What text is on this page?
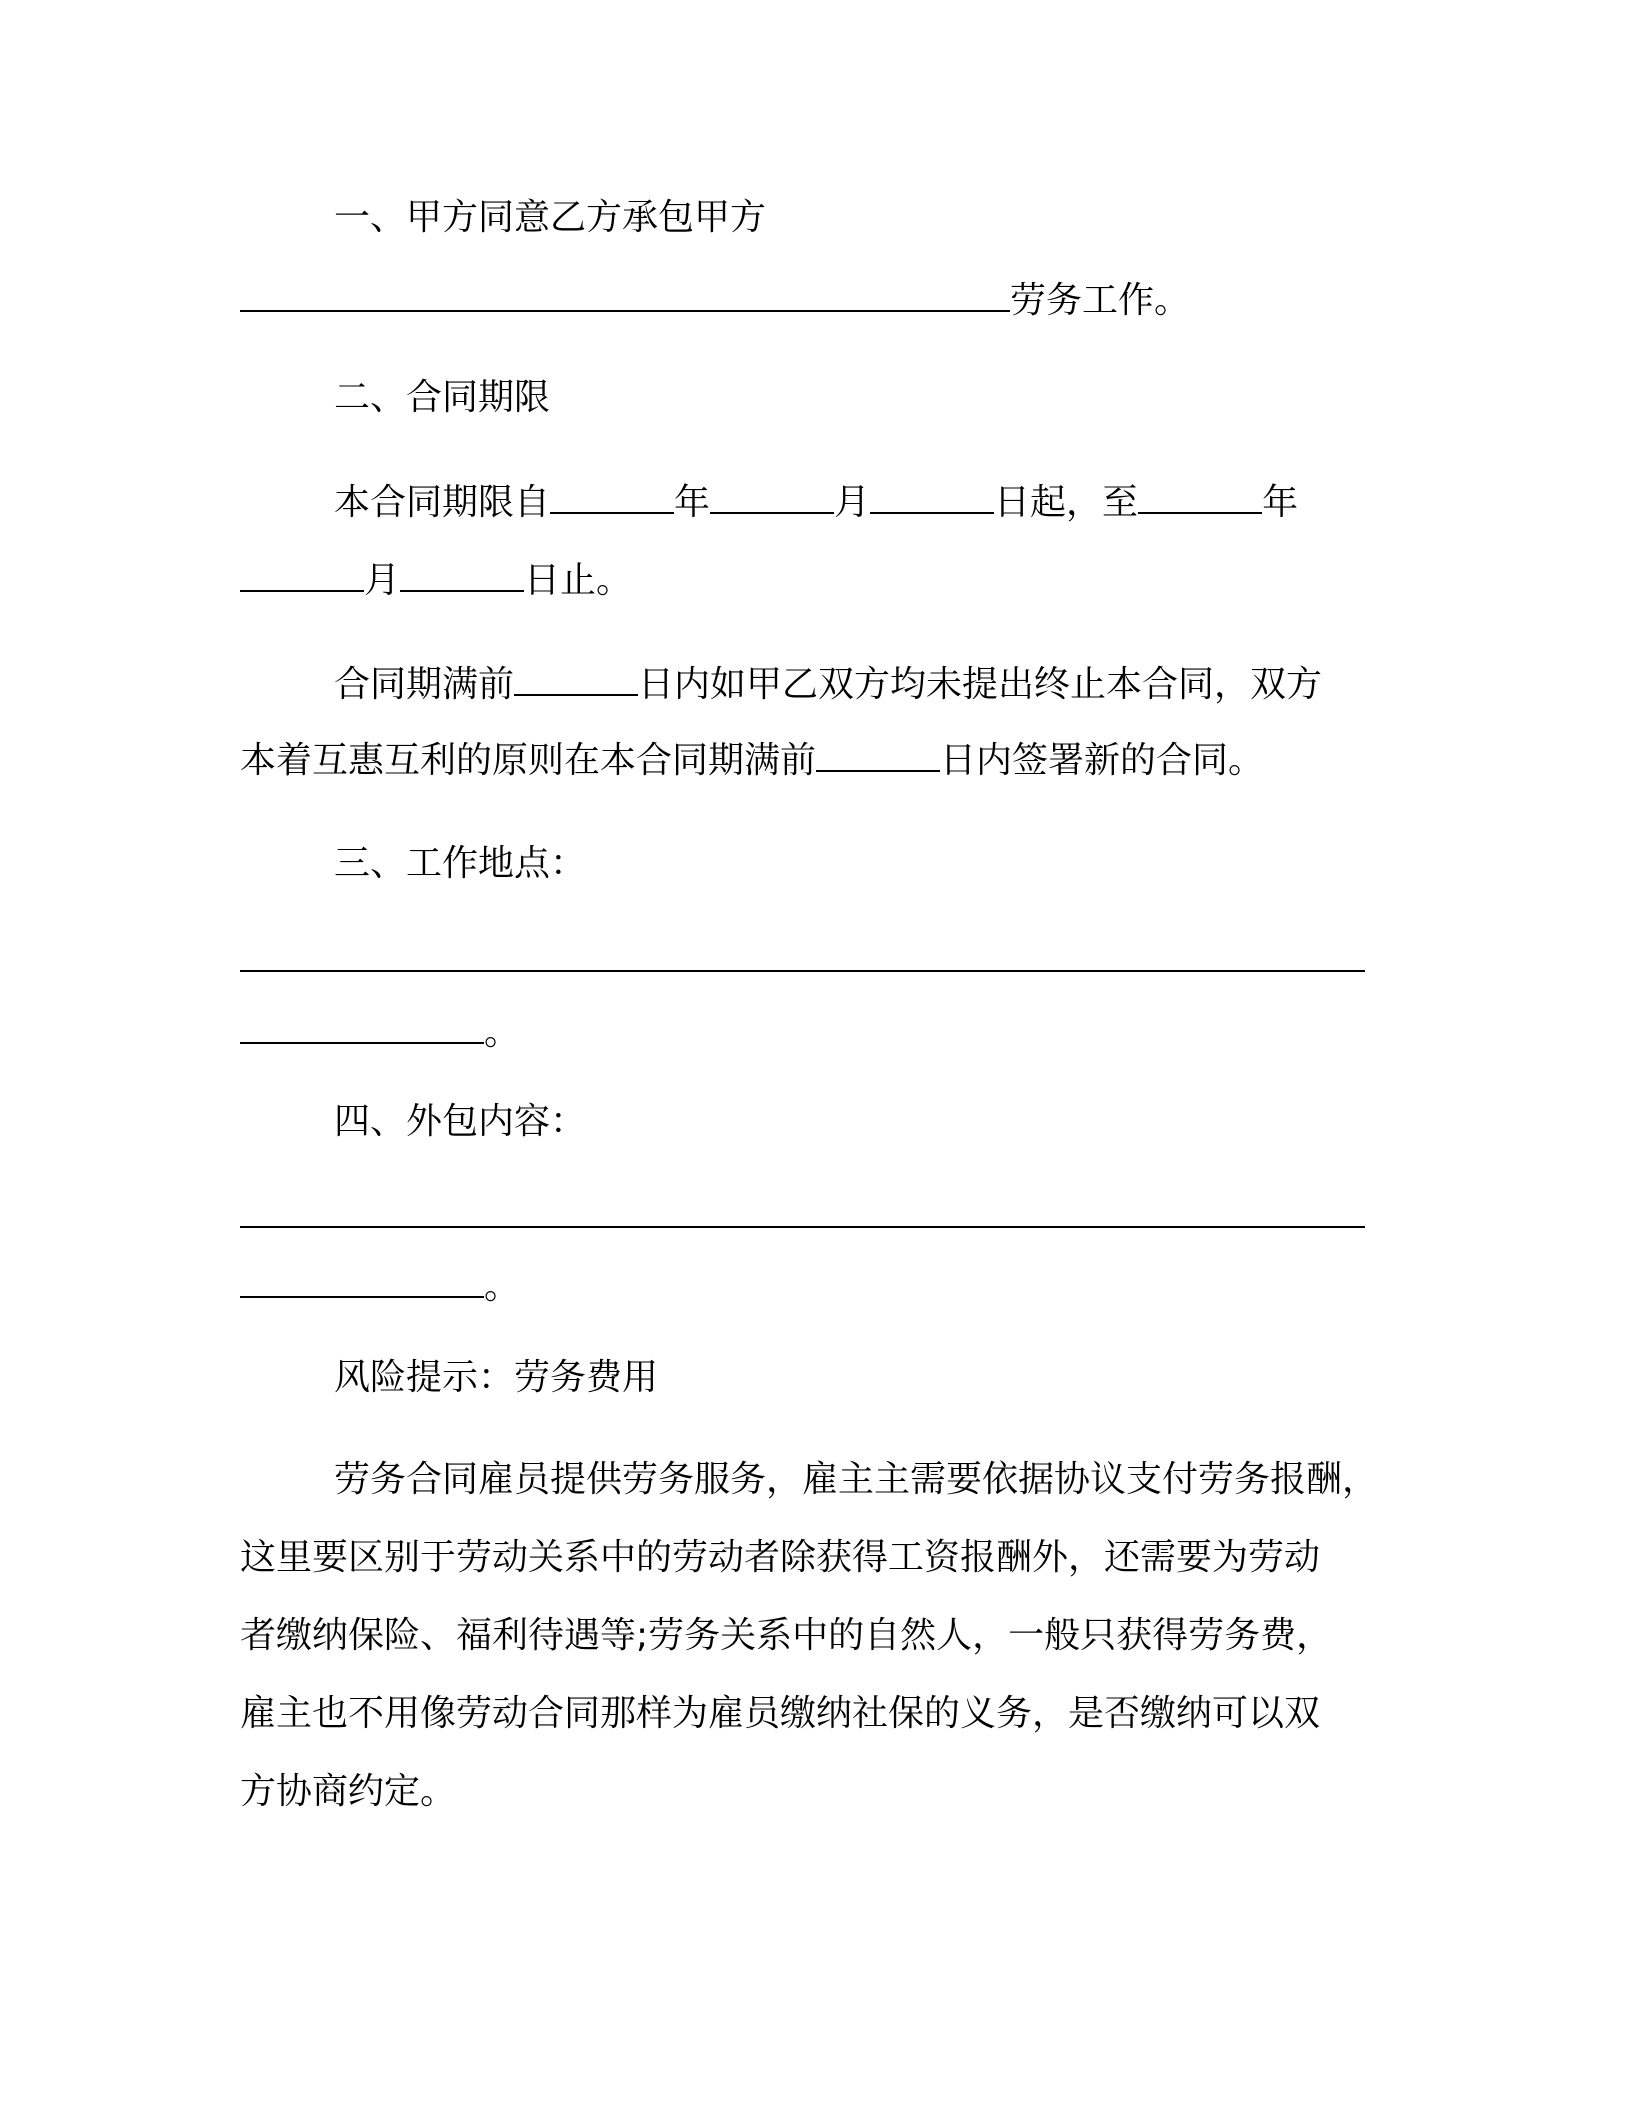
一、甲方同意乙方承包甲方
劳务工作。
二、合同期限
本合同期限自	年	月	日起，至	年
月	日止。
合同期满前	日内如甲乙双方均未提出终止本合同，双方
本着互惠互利的原则在本合同期满前	日内签署新的合同。
三、工作地点：
。
四、外包内容：
。
风险提示：劳务费用
劳务合同雇员提供劳务服务，雇主主需要依据协议支付劳务报酬，
这里要区别于劳动关系中的劳动者除获得工资报酬外，还需要为劳动
者缴纳保险、福利待遇等;劳务关系中的自然人，一般只获得劳务费，
雇主也不用像劳动合同那样为雇员缴纳社保的义务，是否缴纳可以双
方协商约定。
